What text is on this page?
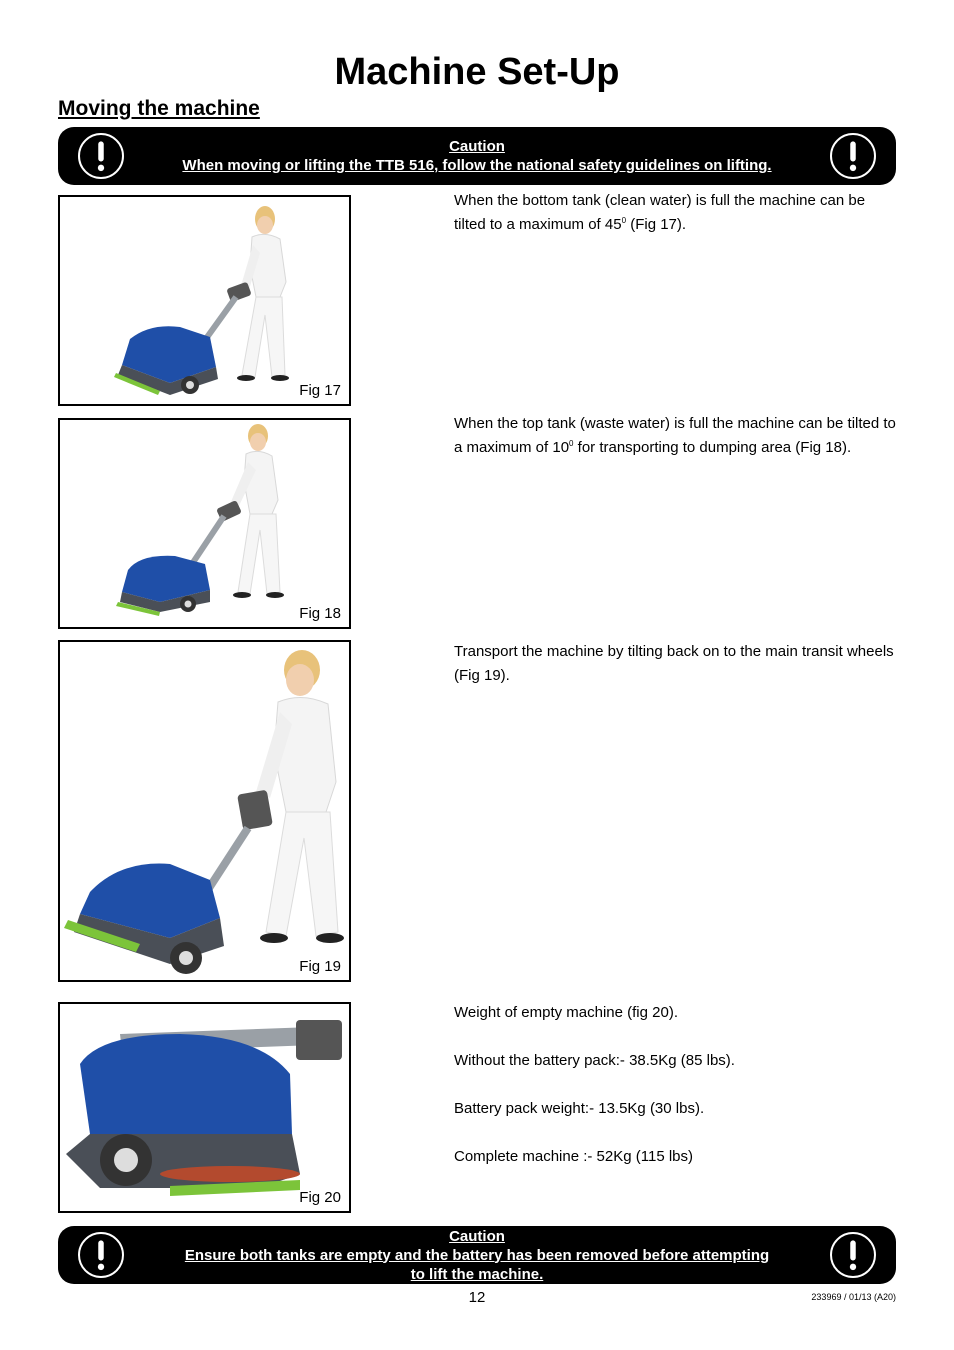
Machine Set-Up
Moving the machine
Caution
When moving or lifting the TTB 516, follow the national safety guidelines on lifting.
Fig 17
Fig 18
Fig 19
Fig 20

When the bottom tank (clean water) is full the machine can be tilted to a maximum of $45^0$ (Fig 17).

When the top tank (waste water) is full the machine can be tilted to a maximum of $10^0$ for transporting to dumping area (Fig 18).

Transport the machine by tilting back on to the main transit wheels (Fig 19).

Weight of empty machine (fig 20).

Without the battery pack:- 38.5Kg (85 lbs).

Battery pack weight:- 13.5Kg (30 lbs).

Complete machine :- 52Kg (115 lbs)

Caution
Ensure both tanks are empty and the battery has been removed before attempting
to lift the machine.
12	233969 / 01/13 (A20)
